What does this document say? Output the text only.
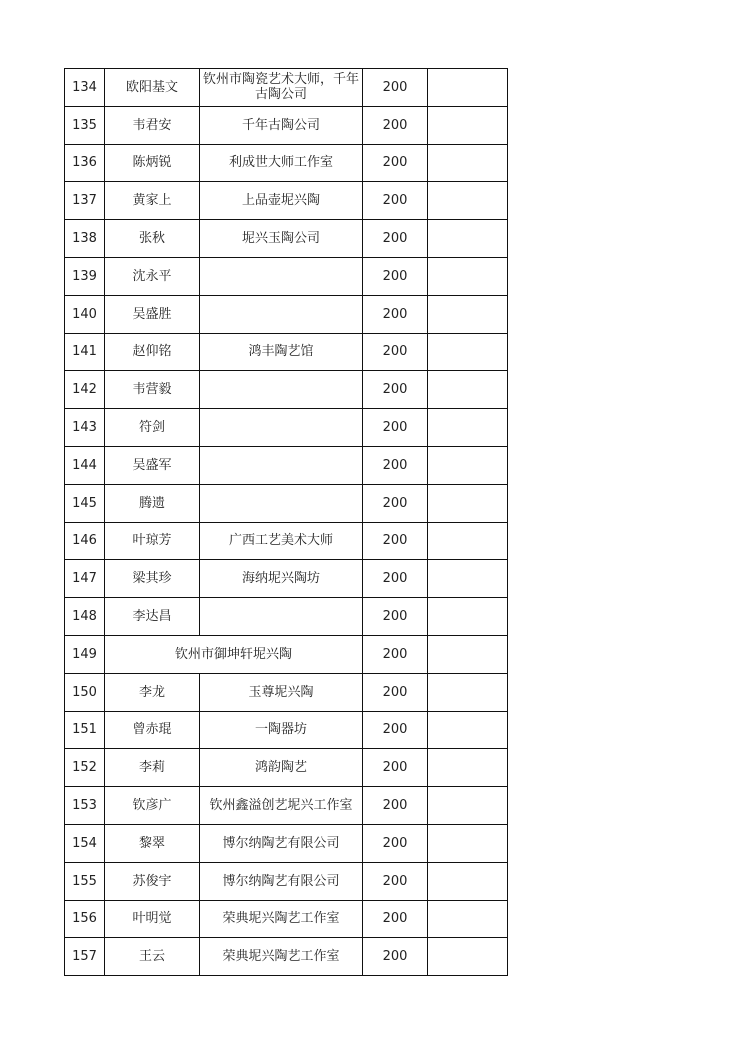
134	欧阳基文	钦州市陶瓷艺术大师，千年古陶公司	200	
135	韦君安	千年古陶公司	200	
136	陈炳锐	利成世大师工作室	200	
137	黄家上	上品壶坭兴陶	200	
138	张秋	坭兴玉陶公司	200	
139	沈永平		200	
140	吴盛胜		200	
141	赵仰铭	鸿丰陶艺馆	200	
142	韦营毅		200	
143	符剑		200	
144	吴盛军		200	
145	腾遗		200	
146	叶琼芳	广西工艺美术大师	200	
147	梁其珍	海纳坭兴陶坊	200	
148	李达昌		200	
149	钦州市御坤轩坭兴陶		200	
150	李龙	玉尊坭兴陶	200	
151	曾赤琨	一陶器坊	200	
152	李莉	鸿韵陶艺	200	
153	钦彦广	钦州鑫溢创艺坭兴工作室	200	
154	黎翠	博尔纳陶艺有限公司	200	
155	苏俊宇	博尔纳陶艺有限公司	200	
156	叶明觉	荣典坭兴陶艺工作室	200	
157	王云	荣典坭兴陶艺工作室	200	
